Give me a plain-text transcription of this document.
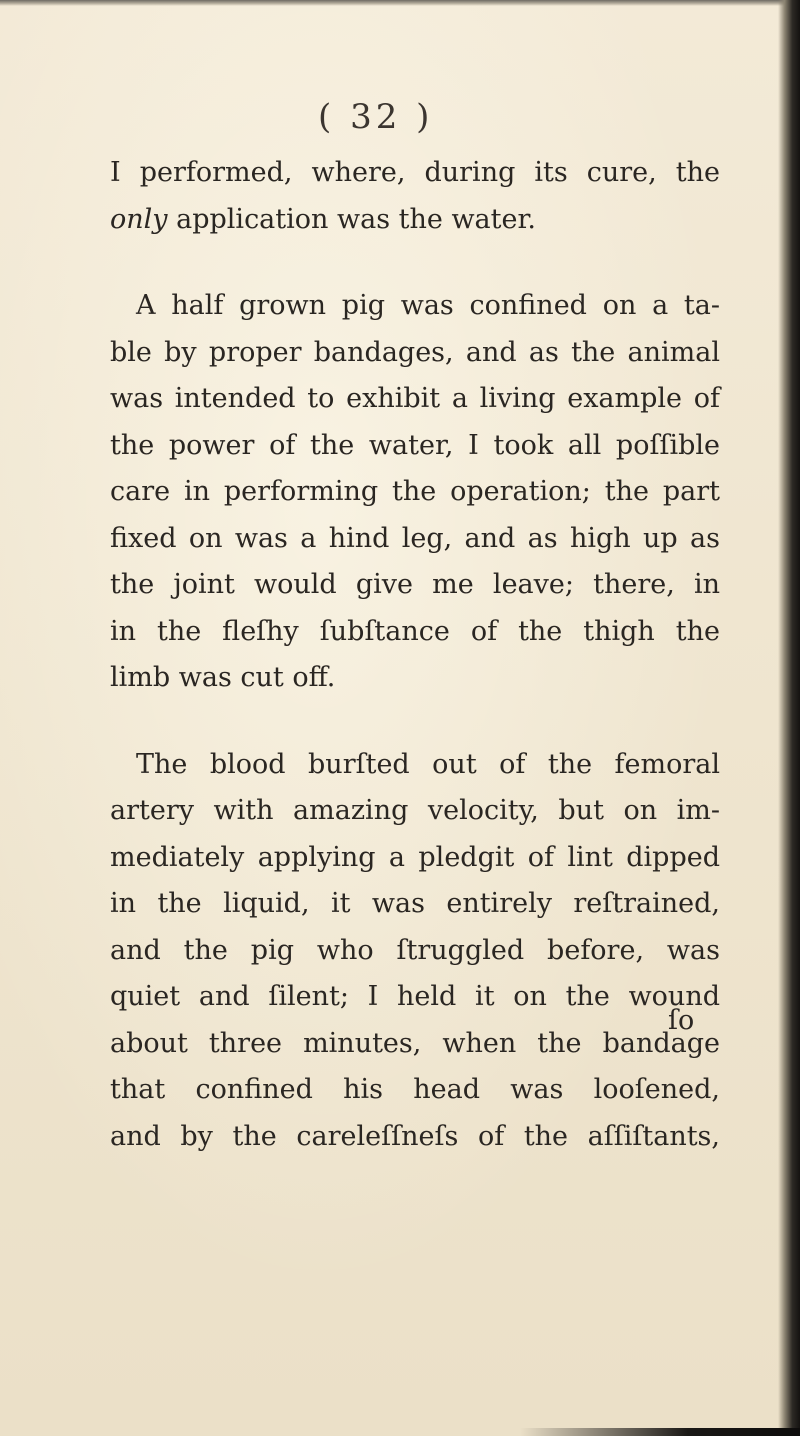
( 32 )
I performed, where, during its cure, the
only application was the water.
A half grown pig was confined on a ta-
ble by proper bandages, and as the animal
was intended to exhibit a living example of
the power of the water, I took all poſſible
care in performing the operation; the part
fixed on was a hind leg, and as high up as
the joint would give me leave; there, in
in the fleſhy ſubſtance of the thigh the
limb was cut off.
The blood burſted out of the femoral
artery with amazing velocity, but on im-
mediately applying a pledgit of lint dipped
in the liquid, it was entirely reſtrained,
and the pig who ſtruggled before, was
quiet and ſilent; I held it on the wound
about three minutes, when the bandage
that confined his head was looſened,
and by the careleſſneſs of the aſſiſtants,
ſo
